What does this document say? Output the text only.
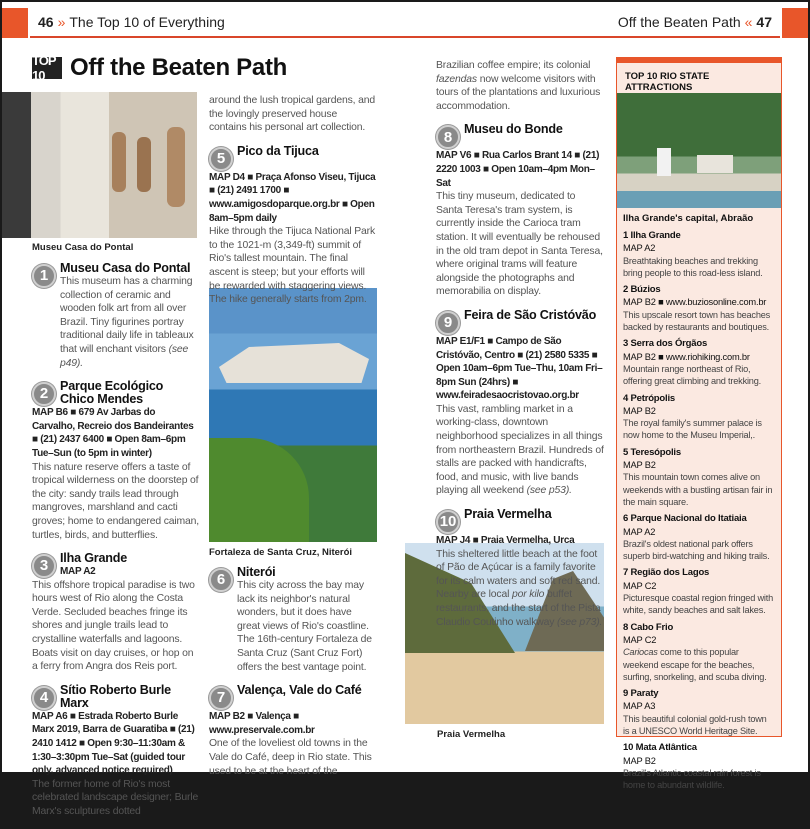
46 » The Top 10 of Everything	Off the Beaten Path « 47
TOP 10	Off the Beaten Path
Museu Casa do Pontal
Fortaleza de Santa Cruz, Niterói
Praia Vermelha
1 Museu Casa do Pontal
This museum has a charming collection of ceramic and wooden folk art from all over Brazil. Tiny figurines portray traditional daily life in tableaux that will enchant visitors (see p49).
2 Parque Ecológico Chico Mendes
MAP B6 ■ 679 Av Jarbas do Carvalho, Recreio dos Bandeirantes ■ (21) 2437 6400 ■ Open 8am–6pm Tue–Sun (to 5pm in winter)
This nature reserve offers a taste of tropical wilderness on the doorstep of the city: sandy trails lead through mangroves, marshland and cacti groves; home to endangered caiman, turtles, birds, and butterflies.
3 Ilha Grande
MAP A2
This offshore tropical paradise is two hours west of Rio along the Costa Verde. Secluded beaches fringe its shores and jungle trails lead to crystalline waterfalls and lagoons. Boats visit on day cruises, or hop on a ferry from Angra dos Reis port.
4 Sítio Roberto Burle Marx
MAP A6 ■ Estrada Roberto Burle Marx 2019, Barra de Guaratiba ■ (21) 2410 1412 ■ Open 9:30–11:30am & 1:30–3:30pm Tue–Sat (guided tour only, advanced notice required)
The former home of Rio's most celebrated landscape designer; Burle Marx's sculptures dotted
around the lush tropical gardens, and the lovingly preserved house contains his personal art collection.
5 Pico da Tijuca
MAP D4 ■ Praça Afonso Viseu, Tijuca ■ (21) 2491 1700 ■ www.amigosdoparque.org.br ■ Open 8am–5pm daily
Hike through the Tijuca National Park to the 1021-m (3,349-ft) summit of Rio's tallest mountain. The final ascent is steep; but your efforts will be rewarded with staggering views. The hike generally starts from 2pm.
6 Niterói
This city across the bay may lack its neighbor's natural wonders, but it does have great views of Rio's coastline. The 16th-century Fortaleza de Santa Cruz (Sant Cruz Fort) offers the best vantage point.
7 Valença, Vale do Café
MAP B2 ■ Valença ■ www.preservale.com.br
One of the loveliest old towns in the Vale do Café, deep in Rio state. This used to be at the heart of the
Brazilian coffee empire; its colonial fazendas now welcome visitors with tours of the plantations and luxurious accommodation.
8 Museu do Bonde
MAP V6 ■ Rua Carlos Brant 14 ■ (21) 2220 1003 ■ Open 10am–4pm Mon–Sat
This tiny museum, dedicated to Santa Teresa's tram system, is currently inside the Carioca tram station. It will eventually be rehoused in the old tram depot in Santa Teresa, where original trams will feature alongside the photographs and memorabilia on display.
9 Feira de São Cristóvão
MAP E1/F1 ■ Campo de São Cristóvão, Centro ■ (21) 2580 5335 ■ Open 10am–6pm Tue–Thu, 10am Fri–8pm Sun (24hrs) ■ www.feiradesaocristovao.org.br
This vast, rambling market in a working-class, downtown neighborhood specializes in all things from northeastern Brazil. Hundreds of stalls are packed with handicrafts, food, and music, with live bands playing all weekend (see p53).
10 Praia Vermelha
MAP J4 ■ Praia Vermelha, Urca
This sheltered little beach at the foot of Pão de Açúcar is a family favorite for its calm waters and soft red sand. Nearby are local por kilo buffet restaurants, and the start of the Pista Claudio Coutinho walkway (see p73).
TOP 10 RIO STATE ATTRACTIONS
Ilha Grande's capital, Abraão
1 Ilha Grande
MAP A2
Breathtaking beaches and trekking bring people to this road-less island.
2 Búzios
MAP B2 ■ www.buziosonline.com.br
This upscale resort town has beaches backed by restaurants and boutiques.
3 Serra dos Órgãos
MAP B2 ■ www.riohiking.com.br
Mountain range northeast of Rio, offering great climbing and trekking.
4 Petrópolis
MAP B2
The royal family's summer palace is now home to the Museu Imperial,.
5 Teresópolis
MAP B2
This mountain town comes alive on weekends with a bustling artisan fair in the main square.
6 Parque Nacional do Itatiaia
MAP A2
Brazil's oldest national park offers superb bird-watching and hiking trails.
7 Região dos Lagos
MAP C2
Picturesque coastal region fringed with white, sandy beaches and salt lakes.
8 Cabo Frio
MAP C2
Cariocas come to this popular weekend escape for the beaches, surfing, snorkeling, and scuba diving.
9 Paraty
MAP A3
This beautiful colonial gold-rush town is a UNESCO World Heritage Site.
10 Mata Atlântica
MAP B2
Brazil's Atlantic coastal rain forest is home to abundant wildlife.
